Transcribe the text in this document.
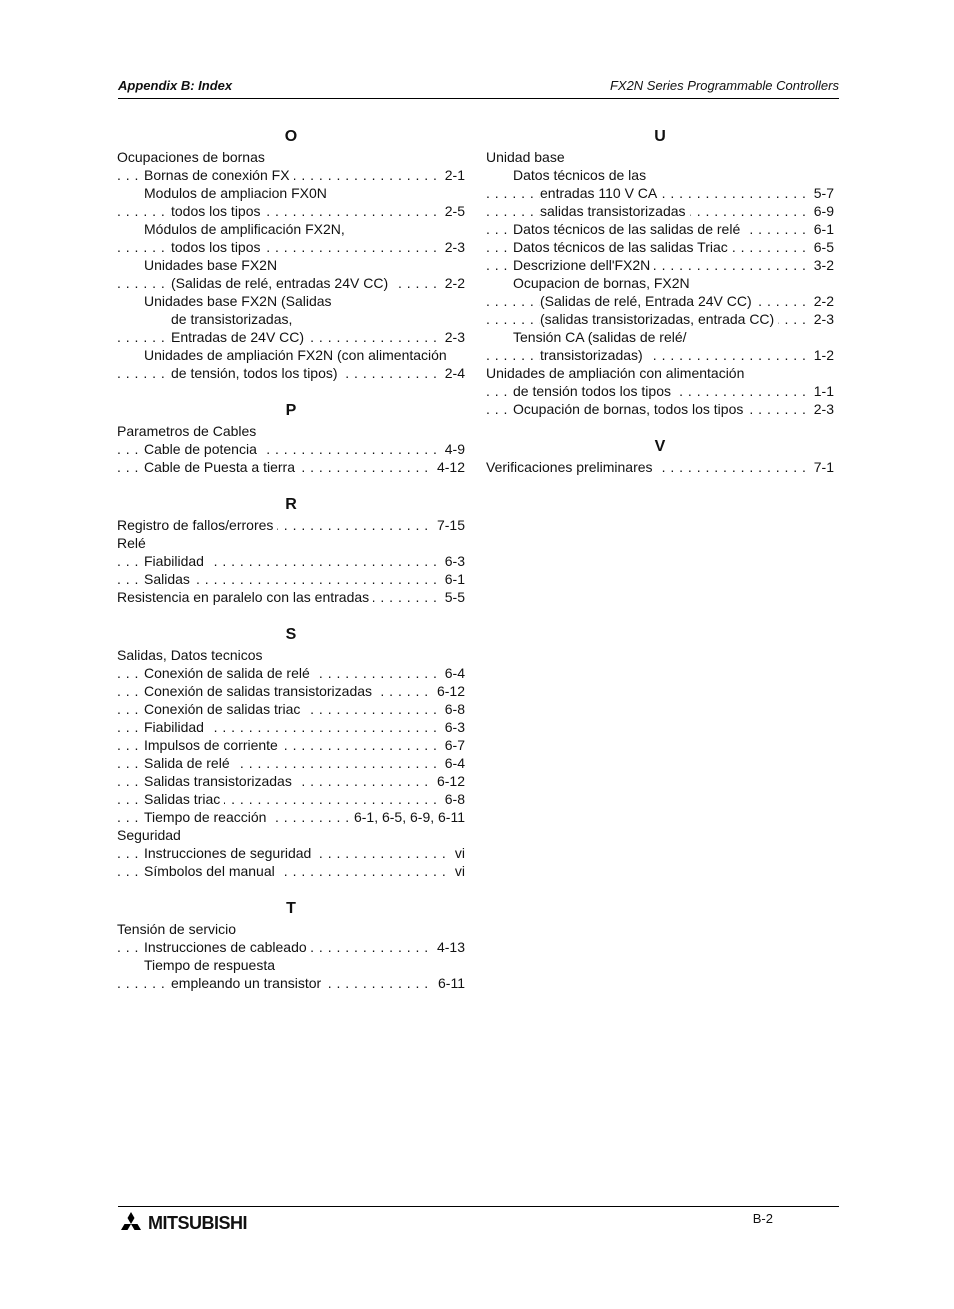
Appendix B: Index	FX2N Series Programmable Controllers
O
Ocupaciones de bornas
Bornas de conexión FX	2-1
. . .
Modulos de ampliacion FX0N
todos los tipos	2-5
. . .
Módulos de amplificación FX2N,
todos los tipos	2-3
. . .
Unidades base FX2N
(Salidas de relé, entradas 24V CC)	2-2
. . .
Unidades base FX2N (Salidas
de transistorizadas,
Entradas de 24V CC)	2-3
. . .
Unidades de ampliación FX2N (con alimentación
de tensión, todos los tipos)	2-4
. . .
P
Parametros de Cables
Cable de potencia	4-9
. . .
Cable de Puesta a tierra	4-12
. . .
R
Registro de fallos/errores	7-15
. . .
Relé
Fiabilidad	6-3
. . .
Salidas	6-1
. . .
Resistencia en paralelo con las entradas	5-5
. . .
S
Salidas, Datos tecnicos
Conexión de salida de relé	6-4
. . .
Conexión de salidas transistorizadas	6-12
. . .
Conexión de salidas triac	6-8
. . .
Fiabilidad	6-3
. . .
Impulsos de corriente	6-7
. . .
Salida de relé	6-4
. . .
Salidas transistorizadas	6-12
. . .
Salidas triac	6-8
. . .
Tiempo de reacción	6-1, 6-5, 6-9, 6-11
. . .
Seguridad
Instrucciones de seguridad	vi
. . .
Símbolos del manual	vi
. . .
T
Tensión de servicio
Instrucciones de cableado	4-13
. . .
Tiempo de respuesta
empleando un transistor	6-11
. . .
U
Unidad base
Datos técnicos de las
entradas 110 V CA	5-7
. . .
salidas transistorizadas	6-9
. . .
Datos técnicos de las salidas de relé	6-1
. . .
Datos técnicos de las salidas Triac	6-5
. . .
Descrizione dell'FX2N	3-2
. . .
Ocupacion de bornas, FX2N
(Salidas de relé, Entrada 24V CC)	2-2
. . .
(salidas transistorizadas, entrada CC)	2-3
. . .
Tensión CA (salidas de relé/
transistorizadas)	1-2
. . .
Unidades de ampliación con alimentación
de tensión todos los tipos	1-1
. . .
Ocupación de bornas, todos los tipos	2-3
. . .
V
Verificaciones preliminares	7-1
. . .
MITSUBISHI	B-2
